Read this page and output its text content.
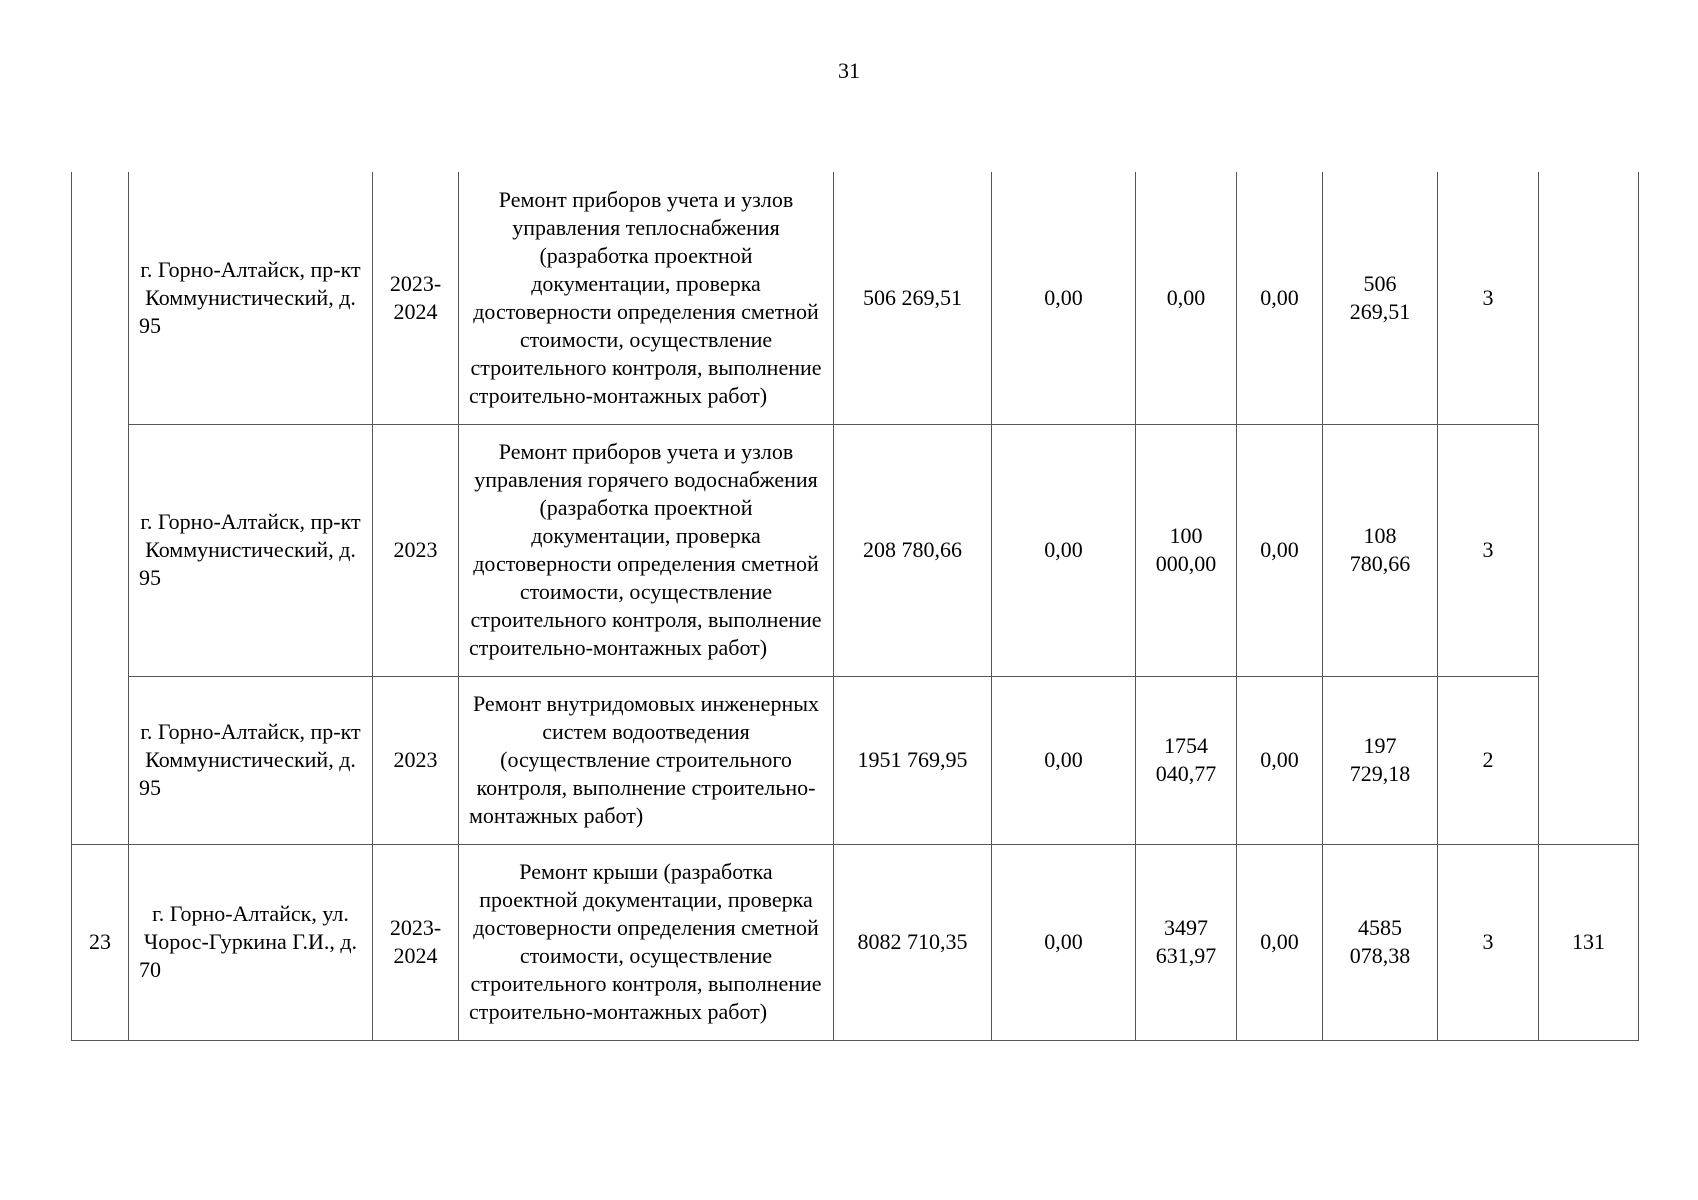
31
	г. Горно-Алтайск, пр-кт Коммунистический, д. 95	2023-2024	Ремонт приборов учета и узлов управления теплоснабжения (разработка проектной документации, проверка достоверности определения сметной стоимости, осуществление строительного контроля, выполнение строительно-монтажных работ)	506 269,51	0,00	0,00	0,00	506 269,51	3	
	г. Горно-Алтайск, пр-кт Коммунистический, д. 95	2023	Ремонт приборов учета и узлов управления горячего водоснабжения (разработка проектной документации, проверка достоверности определения сметной стоимости, осуществление строительного контроля, выполнение строительно-монтажных работ)	208 780,66	0,00	100 000,00	0,00	108 780,66	3	
	г. Горно-Алтайск, пр-кт Коммунистический, д. 95	2023	Ремонт внутридомовых инженерных систем водоотведения (осуществление строительного контроля, выполнение строительно-монтажных работ)	1951 769,95	0,00	1754 040,77	0,00	197 729,18	2	
23	г. Горно-Алтайск, ул. Чорос-Гуркина Г.И., д. 70	2023-2024	Ремонт крыши (разработка проектной документации, проверка достоверности определения сметной стоимости, осуществление строительного контроля, выполнение строительно-монтажных работ)	8082 710,35	0,00	3497 631,97	0,00	4585 078,38	3	131
